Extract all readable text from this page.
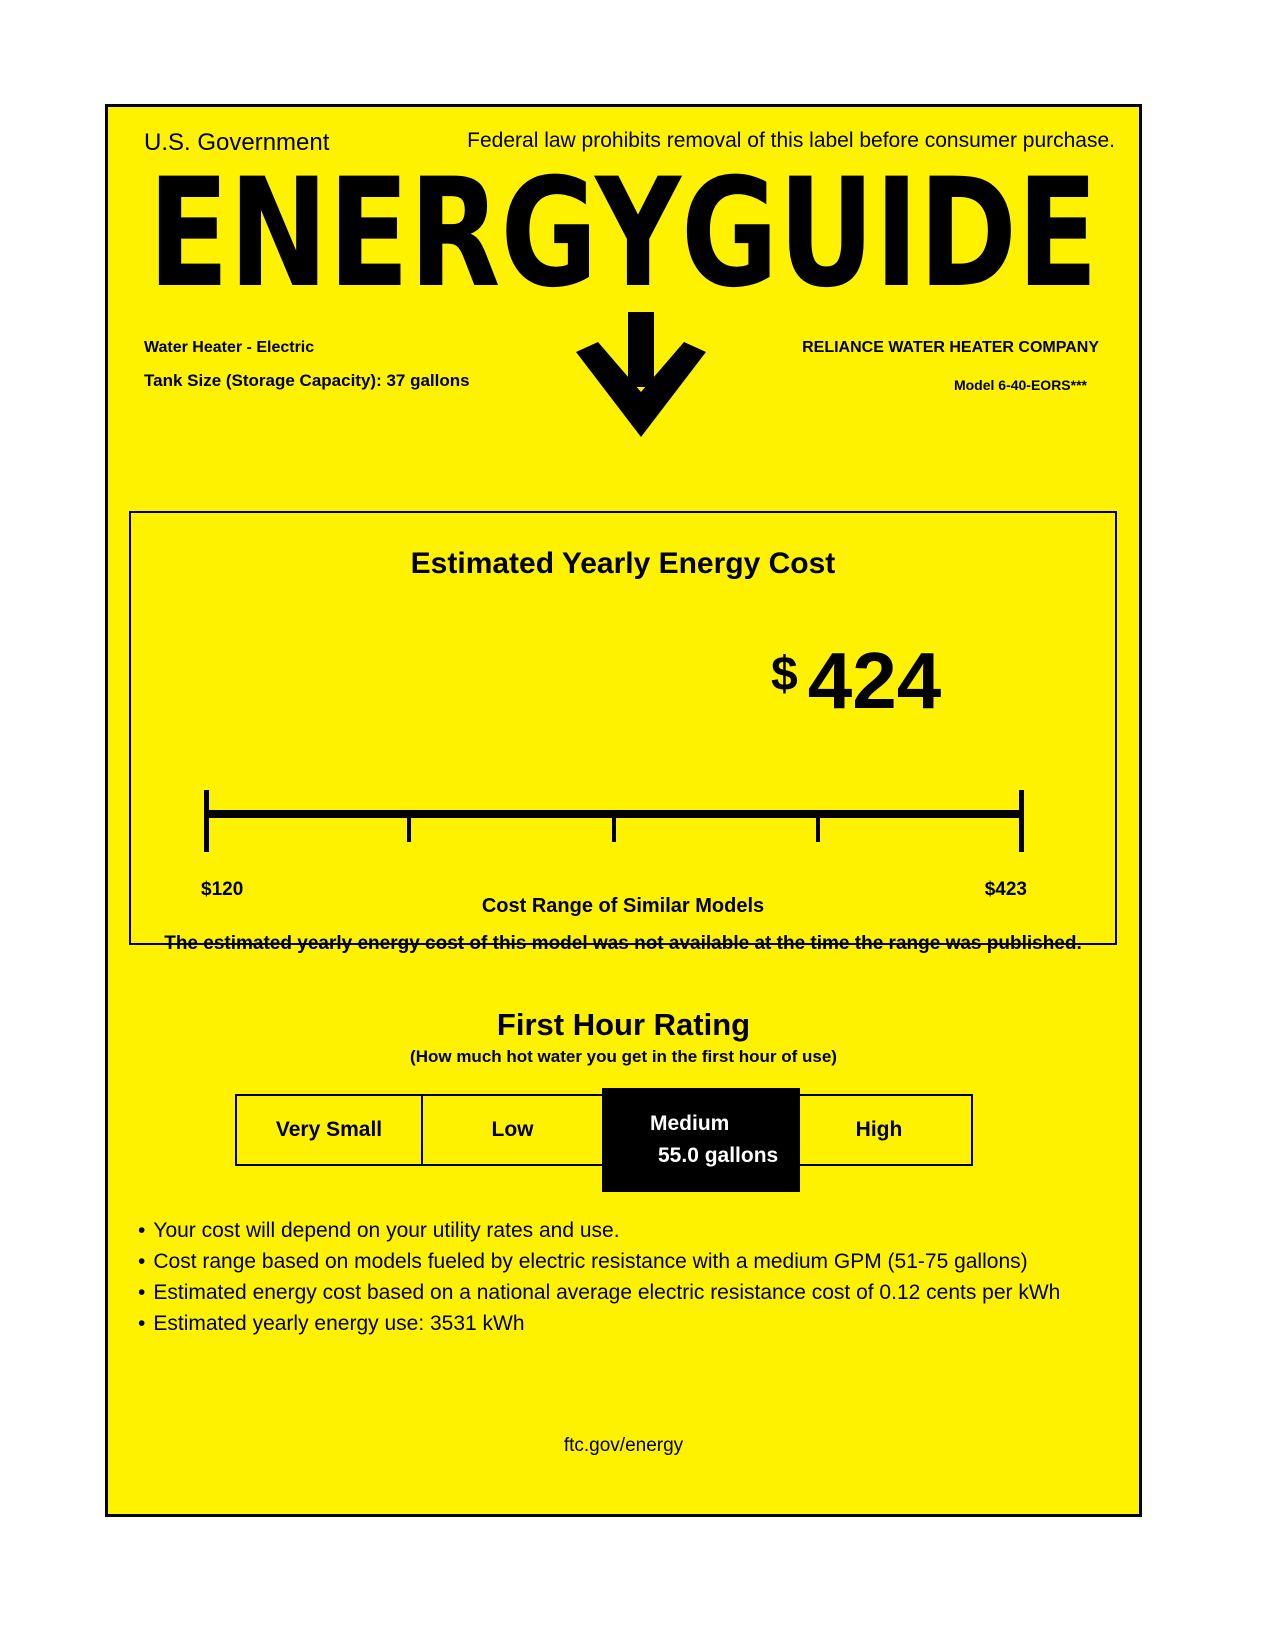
U.S. Government	Federal law prohibits removal of this label before consumer purchase.
ENERGYGUIDE
Water Heater - Electric
Tank Size (Storage Capacity): 37 gallons
RELIANCE WATER HEATER COMPANY
Model 6-40-EORS***
Estimated Yearly Energy Cost
$ 424
$120	$423
Cost Range of Similar Models
The estimated yearly energy cost of this model was not available at the time the range was published.
First Hour Rating
(How much hot water you get in the first hour of use)
Very Small	Low	High
Medium
55.0 gallons
• Your cost will depend on your utility rates and use.
• Cost range based on models fueled by electric resistance with a medium GPM (51-75 gallons)
• Estimated energy cost based on a national average electric resistance cost of 0.12 cents per kWh
• Estimated yearly energy use: 3531 kWh
ftc.gov/energy
